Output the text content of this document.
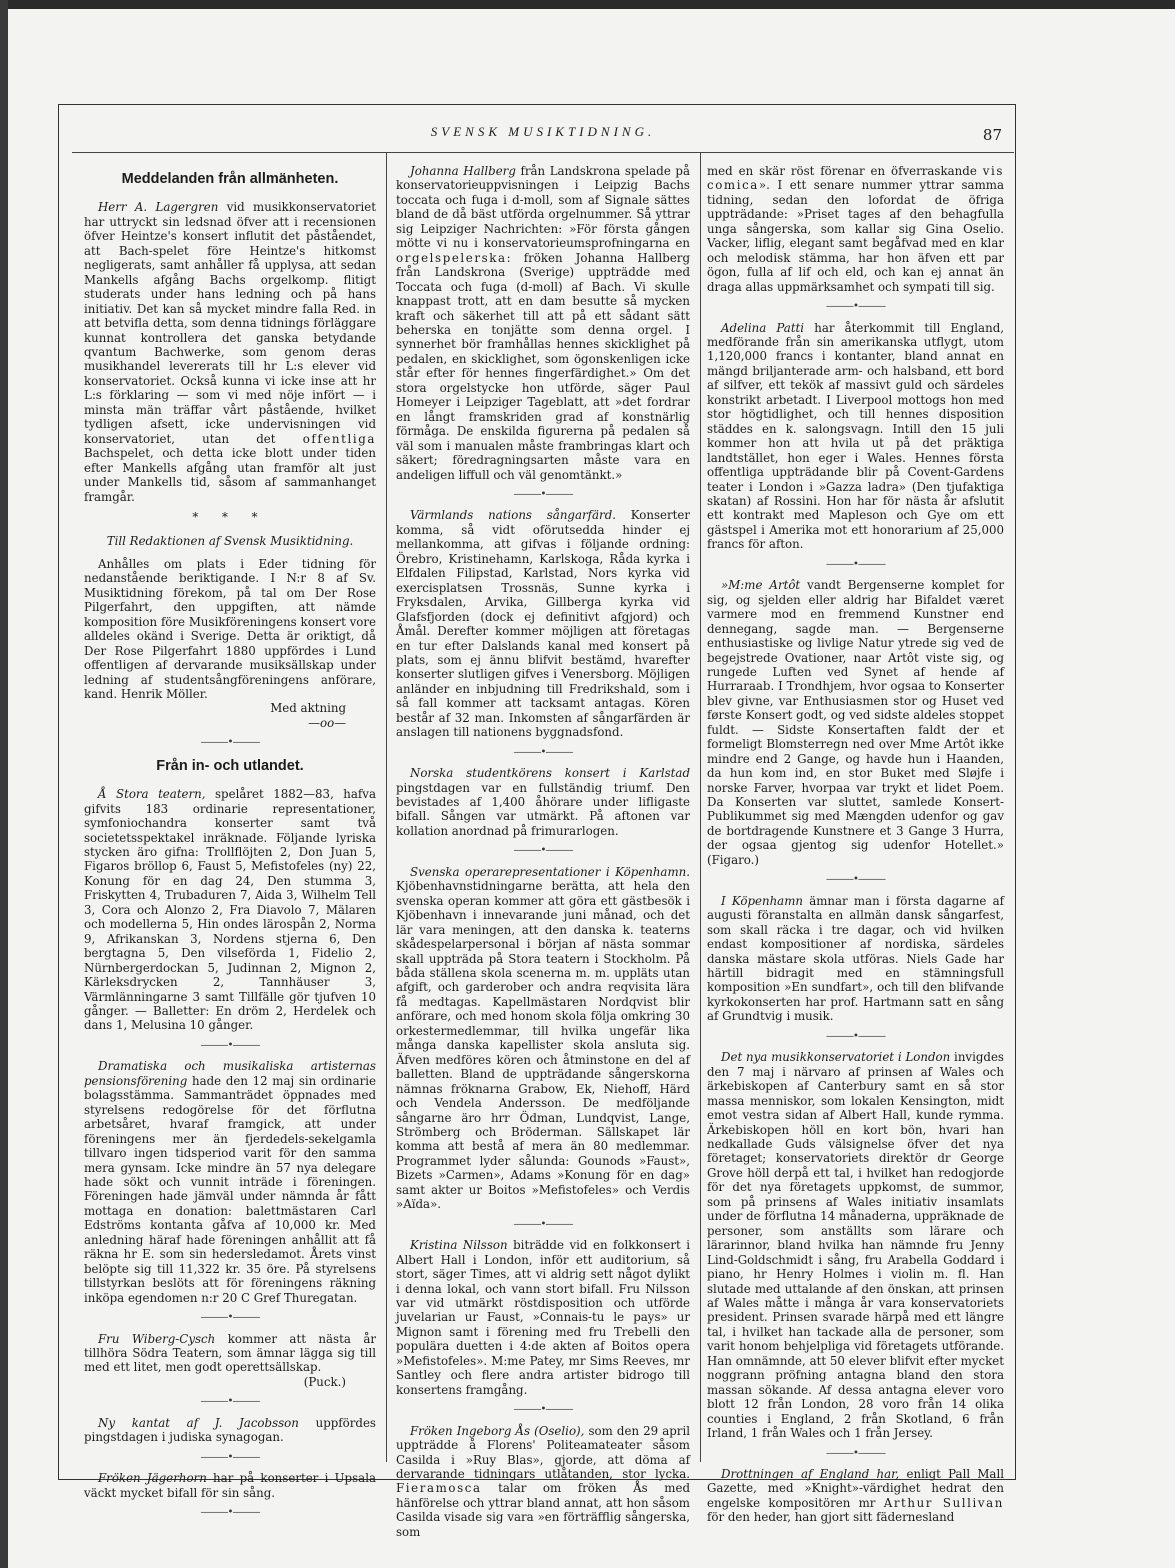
SVENSK MUSIKTIDNING.	87
Meddelanden från allmänheten.

Herr A. Lagergren vid musikkonservatoriet har uttryckt sin ledsnad öfver att i recensionen öfver Heintze's konsert influtit det påståendet, att Bach-spelet före Heintze's hitkomst negligerats, samt anhåller få upplysa, att sedan Mankells afgång Bachs orgelkomp. flitigt studerats under hans ledning och på hans initiativ. Det kan så mycket mindre falla Red. in att betvifla detta, som denna tidnings förläggare kunnat kontrollera det ganska betydande qvantum Bachwerke, som genom deras musikhandel levererats till hr L:s elever vid konservatoriet. Också kunna vi icke inse att hr L:s förklaring — som vi med nöje infört — i minsta män träffar vårt påstående, hvilket tydligen afsett, icke undervisningen vid konservatoriet, utan det offentliga Bachspelet, och detta icke blott under tiden efter Mankells afgång utan framför alt just under Mankells tid, såsom af sammanhanget framgår.

* * *
Till Redaktionen af Svensk Musiktidning.

Anhålles om plats i Eder tidning för nedanstående beriktigande. I N:r 8 af Sv. Musiktidning förekom, på tal om Der Rose Pilgerfahrt, den uppgiften, att nämde komposition före Musikföreningens konsert vore alldeles okänd i Sverige. Detta är oriktigt, då Der Rose Pilgerfahrt 1880 uppfördes i Lund offentligen af dervarande musiksällskap under ledning af studentsångföreningens anförare, kand. Henrik Möller.

Med aktning
—oo—
———•———
Från in- och utlandet.

Å Stora teatern, spelåret 1882—83, hafva gifvits 183 ordinarie representationer, symfoniochandra konserter samt två societetsspektakel inräknade. Följande lyriska stycken äro gifna: Trollflöjten 2, Don Juan 5, Figaros bröllop 6, Faust 5, Mefistofeles (ny) 22, Konung för en dag 24, Den stumma 3, Friskytten 4, Trubaduren 7, Aida 3, Wilhelm Tell 3, Cora och Alonzo 2, Fra Diavolo 7, Mälaren och modellerna 5, Hin ondes lärospån 2, Norma 9, Afrikanskan 3, Nordens stjerna 6, Den bergtagna 5, Den vilseförda 1, Fidelio 2, Nürnbergerdockan 5, Judinnan 2, Mignon 2, Kärleksdrycken 2, Tannhäuser 3, Värmlänningarne 3 samt Tillfälle gör tjufven 10 gånger. — Balletter: En dröm 2, Herdelek och dans 1, Melusina 10 gånger.

———•———

Dramatiska och musikaliska artisternas pensionsförening hade den 12 maj sin ordinarie bolagsstämma. Sammanträdet öppnades med styrelsens redogörelse för det förflutna arbetsåret, hvaraf framgick, att under föreningens mer än fjerdedels-sekelgamla tillvaro ingen tidsperiod varit för den samma mera gynsam. Icke mindre än 57 nya delegare hade sökt och vunnit inträde i föreningen. Föreningen hade jämväl under nämnda år fått mottaga en donation: balettmästaren Carl Edströms kontanta gåfva af 10,000 kr. Med anledning häraf hade föreningen anhållit att få räkna hr E. som sin hedersledamot. Årets vinst belöpte sig till 11,322 kr. 35 öre. På styrelsens tillstyrkan beslöts att för föreningens räkning inköpa egendomen n:r 20 C Gref Thuregatan.

———•———

Fru Wiberg-Cysch kommer att nästa år tillhöra Södra Teatern, som ämnar lägga sig till med ett litet, men godt operettsällskap.

(Puck.)
———•———

Ny kantat af J. Jacobsson uppfördes pingstdagen i judiska synagogan.

———•———

Fröken Jägerhorn har på konserter i Upsala väckt mycket bifall för sin sång.

———•———

Johanna Hallberg från Landskrona spelade på konservatorieuppvisningen i Leipzig Bachs toccata och fuga i d-moll, som af Signale sättes bland de då bäst utförda orgelnummer. Så yttrar sig Leipziger Nachrichten: »För första gången mötte vi nu i konservatorieumsprofningarna en orgelspelerska: fröken Johanna Hallberg från Landskrona (Sverige) uppträdde med Toccata och fuga (d-moll) af Bach. Vi skulle knappast trott, att en dam besutte så mycken kraft och säkerhet till att på ett sådant sätt beherska en tonjätte som denna orgel. I synnerhet bör framhållas hennes skicklighet på pedalen, en skicklighet, som ögonskenligen icke står efter för hennes fingerfärdighet.» Om det stora orgelstycke hon utförde, säger Paul Homeyer i Leipziger Tageblatt, att »det fordrar en långt framskriden grad af konstnärlig förmåga. De enskilda figurerna på pedalen så väl som i manualen måste frambringas klart och säkert; föredragningsarten måste vara en andeligen liffull och väl genomtänkt.»

———•———

Värmlands nations sångarfärd. Konserter komma, så vidt oförutsedda hinder ej mellankomma, att gifvas i följande ordning: Örebro, Kristinehamn, Karlskoga, Råda kyrka i Elfdalen Filipstad, Karlstad, Nors kyrka vid exercisplatsen Trossnäs, Sunne kyrka i Fryksdalen, Arvika, Gillberga kyrka vid Glafsfjorden (dock ej definitivt afgjord) och Åmål. Derefter kommer möjligen att företagas en tur efter Dalslands kanal med konsert på plats, som ej ännu blifvit bestämd, hvarefter konserter slutligen gifves i Venersborg. Möjligen anländer en inbjudning till Fredrikshald, som i så fall kommer att tacksamt antagas. Kören består af 32 man. Inkomsten af sångarfärden är anslagen till nationens byggnadsfond.

———•———

Norska studentkörens konsert i Karlstad pingstdagen var en fullständig triumf. Den bevistades af 1,400 åhörare under lifligaste bifall. Sången var utmärkt. På aftonen var kollation anordnad på frimurarlogen.

———•———

Svenska operarepresentationer i Köpenhamn. Kjöbenhavnstidningarne berätta, att hela den svenska operan kommer att göra ett gästbesök i Kjöbenhavn i innevarande juni månad, och det lär vara meningen, att den danska k. teaterns skådespelarpersonal i början af nästa sommar skall uppträda på Stora teatern i Stockholm. På båda ställena skola scenerna m. m. uppläts utan afgift, och garderober och andra reqvisita lära få medtagas. Kapellmästaren Nordqvist blir anförare, och med honom skola följa omkring 30 orkestermedlemmar, till hvilka ungefär lika många danska kapellister skola ansluta sig. Äfven medföres kören och åtminstone en del af balletten. Bland de uppträdande sångerskorna nämnas fröknarna Grabow, Ek, Niehoff, Härd och Vendela Andersson. De medföljande sångarne äro hrr Ödman, Lundqvist, Lange, Strömberg och Bröderman. Sällskapet lär komma att bestå af mera än 80 medlemmar. Programmet lyder sålunda: Gounods »Faust», Bizets »Carmen», Adams »Konung för en dag» samt akter ur Boitos »Mefistofeles» och Verdis »Aïda».

———•———

Kristina Nilsson biträdde vid en folkkonsert i Albert Hall i London, inför ett auditorium, så stort, säger Times, att vi aldrig sett något dylikt i denna lokal, och vann stort bifall. Fru Nilsson var vid utmärkt röstdisposition och utförde juvelarian ur Faust, »Connais-tu le pays» ur Mignon samt i förening med fru Trebelli den populära duetten i 4:de akten af Boitos opera »Mefistofeles». M:me Patey, mr Sims Reeves, mr Santley och flere andra artister bidrogo till konsertens framgång.

———•———

Fröken Ingeborg Ås (Oselio), som den 29 april uppträdde å Florens' Politeamateater såsom Casilda i »Ruy Blas», gjorde, att döma af dervarande tidningars utlåtanden, stor lycka. Fieramosca talar om fröken Ås med hänförelse och yttrar bland annat, att hon såsom Casilda visade sig vara »en förträfflig sångerska, som

med en skär röst förenar en öfverraskande vis comica». I ett senare nummer yttrar samma tidning, sedan den lofordat de öfriga uppträdande: »Priset tages af den behagfulla unga sångerska, som kallar sig Gina Oselio. Vacker, liflig, elegant samt begåfvad med en klar och melodisk stämma, har hon äfven ett par ögon, fulla af lif och eld, och kan ej annat än draga allas uppmärksamhet och sympati till sig.

———•———

Adelina Patti har återkommit till England, medförande från sin amerikanska utflygt, utom 1,120,000 francs i kontanter, bland annat en mängd briljanterade arm- och halsband, ett bord af silfver, ett tekök af massivt guld och särdeles konstrikt arbetadt. I Liverpool mottogs hon med stor högtidlighet, och till hennes disposition städdes en k. salongsvagn. Intill den 15 juli kommer hon att hvila ut på det präktiga landtstället, hon eger i Wales. Hennes första offentliga uppträdande blir på Covent-Gardens teater i London i »Gazza ladra» (Den tjufaktiga skatan) af Rossini. Hon har för nästa år afslutit ett kontrakt med Mapleson och Gye om ett gästspel i Amerika mot ett honorarium af 25,000 francs för afton.

———•———

»M:me Artôt vandt Bergenserne komplet for sig, og sjelden eller aldrig har Bifaldet været varmere mod en fremmend Kunstner end dennegang, sagde man. — Bergenserne enthusiastiske og livlige Natur ytrede sig ved de begejstrede Ovationer, naar Artôt viste sig, og rungede Luften ved Synet af hende af Hurraraab. I Trondhjem, hvor ogsaa to Konserter blev givne, var Enthusiasmen stor og Huset ved første Konsert godt, og ved sidste aldeles stoppet fuldt. — Sidste Konsertaften faldt der et formeligt Blomsterregn ned over Mme Artôt ikke mindre end 2 Gange, og havde hun i Haanden, da hun kom ind, en stor Buket med Sløjfe i norske Farver, hvorpaa var trykt et lidet Poem. Da Konserten var sluttet, samlede Konsert-Publikummet sig med Mængden udenfor og gav de bortdragende Kunstnere et 3 Gange 3 Hurra, der ogsaa gjentog sig udenfor Hotellet.» (Figaro.)

———•———

I Köpenhamn ämnar man i första dagarne af augusti föranstalta en allmän dansk sångarfest, som skall räcka i tre dagar, och vid hvilken endast kompositioner af nordiska, särdeles danska mästare skola utföras. Niels Gade har härtill bidragit med en stämningsfull komposition »En sundfart», och till den blifvande kyrkokonserten har prof. Hartmann satt en sång af Grundtvig i musik.

———•———

Det nya musikkonservatoriet i London invigdes den 7 maj i närvaro af prinsen af Wales och ärkebiskopen af Canterbury samt en så stor massa menniskor, som lokalen Kensington, midt emot vestra sidan af Albert Hall, kunde rymma. Ärkebiskopen höll en kort bön, hvari han nedkallade Guds välsignelse öfver det nya företaget; konservatoriets direktör dr George Grove höll derpå ett tal, i hvilket han redogjorde för det nya företagets uppkomst, de summor, som på prinsens af Wales initiativ insamlats under de förflutna 14 månaderna, uppräknade de personer, som anställts som lärare och lärarinnor, bland hvilka han nämnde fru Jenny Lind-Goldschmidt i sång, fru Arabella Goddard i piano, hr Henry Holmes i violin m. fl. Han slutade med uttalande af den önskan, att prinsen af Wales måtte i många år vara konservatoriets president. Prinsen svarade härpå med ett längre tal, i hvilket han tackade alla de personer, som varit honom behjelpliga vid företagets utförande. Han omnämnde, att 50 elever blifvit efter mycket noggrann pröfning antagna bland den stora massan sökande. Af dessa antagna elever voro blott 12 från London, 28 voro från 14 olika counties i England, 2 från Skotland, 6 från Irland, 1 från Wales och 1 från Jersey.

———•———

Drottningen af England har, enligt Pall Mall Gazette, med »Knight»-värdighet hedrat den engelske kompositören mr Arthur Sullivan för den heder, han gjort sitt fädernesland
